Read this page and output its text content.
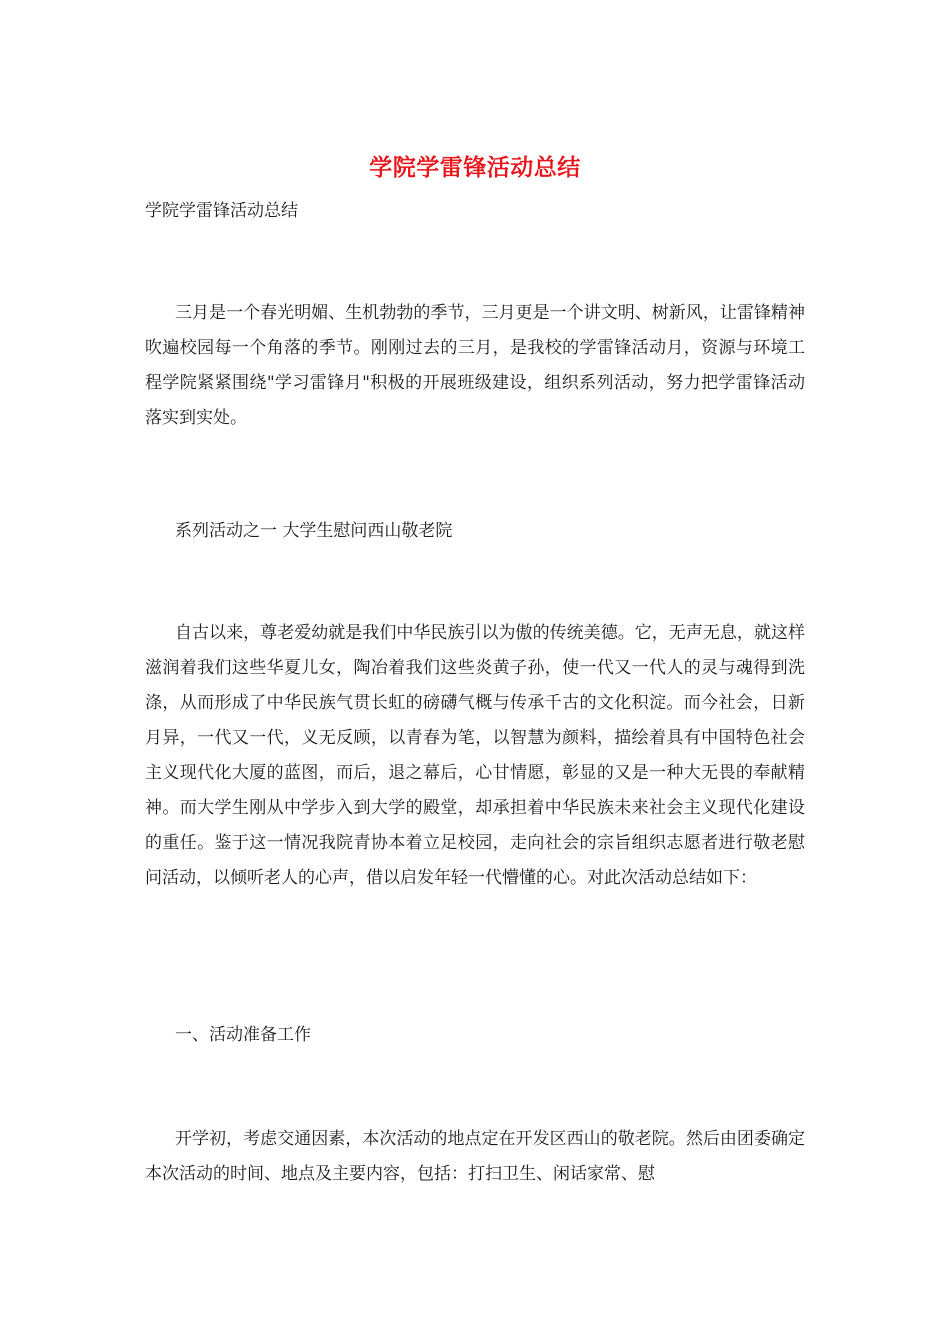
学院学雷锋活动总结
学院学雷锋活动总结

三月是一个春光明媚、生机勃勃的季节，三月更是一个讲文明、树新风，让雷锋精神吹遍校园每一个角落的季节。刚刚过去的三月，是我校的学雷锋活动月，资源与环境工程学院紧紧围绕"学习雷锋月"积极的开展班级建设，组织系列活动，努力把学雷锋活动落实到实处。

系列活动之一 大学生慰问西山敬老院

自古以来，尊老爱幼就是我们中华民族引以为傲的传统美德。它，无声无息，就这样滋润着我们这些华夏儿女，陶冶着我们这些炎黄子孙，使一代又一代人的灵与魂得到洗涤，从而形成了中华民族气贯长虹的磅礴气概与传承千古的文化积淀。而今社会，日新月异，一代又一代，义无反顾，以青春为笔，以智慧为颜料，描绘着具有中国特色社会主义现代化大厦的蓝图，而后，退之幕后，心甘情愿，彰显的又是一种大无畏的奉献精神。而大学生刚从中学步入到大学的殿堂，却承担着中华民族未来社会主义现代化建设的重任。鉴于这一情况我院青协本着立足校园，走向社会的宗旨组织志愿者进行敬老慰问活动，以倾听老人的心声，借以启发年轻一代懵懂的心。对此次活动总结如下：

一、活动准备工作

开学初，考虑交通因素，本次活动的地点定在开发区西山的敬老院。然后由团委确定本次活动的时间、地点及主要内容，包括：打扫卫生、闲话家常、慰
